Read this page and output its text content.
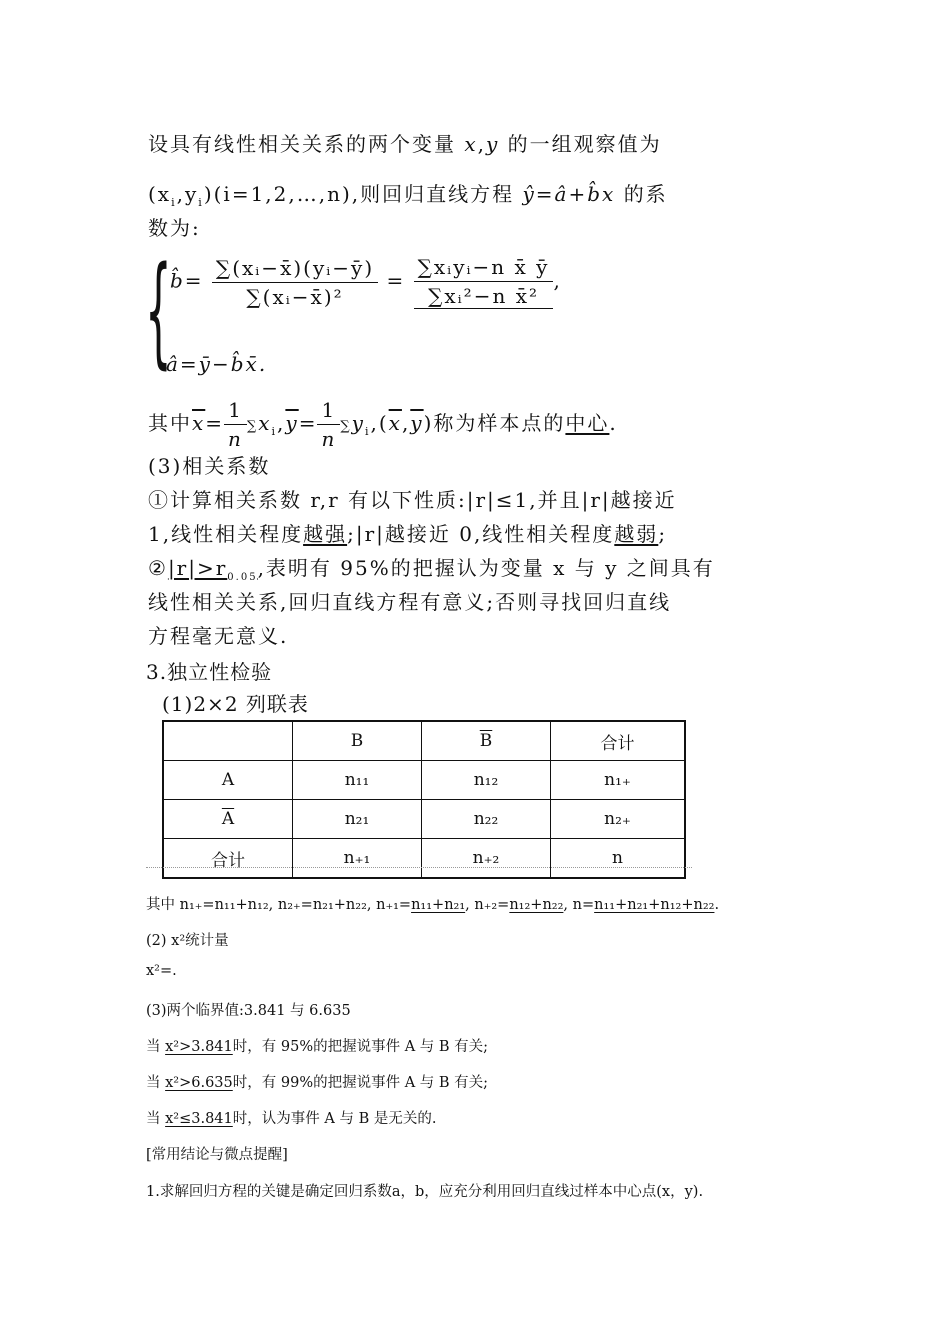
设具有线性相关关系的两个变量 x,y 的一组观察值为
$(x_i,y_i)(i=1,2,\dots,n)$,则回归直线方程 ŷ=â+b̂x 的系
数为:
{
b̂= $\frac{\text{∑(xᵢ−x̄)(yᵢ−ȳ)}}{\text{∑(xᵢ−x̄)²}} = \frac{\text{∑xᵢyᵢ−n x̄ ȳ}}{\text{∑xᵢ²−n x̄²}}$ ,
â=ȳ−b̂x̄.
其中$\overline{x}= \frac{1}{n} \sum x_i,\overline{y}= \frac{1}{n} \sum y_i,(\overline{x},\overline{y})$称为样本点的中心.
(3)相关系数
①计算相关系数 r,r 有以下性质:|r|≤1,并且|r|越接近
1,线性相关程度越强;|r|越接近 0,线性相关程度越弱;
$②|r|>r_{0.05}$,表明有 95%的把握认为变量 x 与 y 之间具有
线性相关关系,回归直线方程有意义;否则寻找回归直线
方程毫无意义.
3.独立性检验
(1)2×2 列联表
	B	$\overline{B}$	合计
A	n₁₁	n₁₂	n₁₊
$\overline{A}$	n₂₁	n₂₂	n₂₊
合计	n₊₁	n₊₂	n
其中 n₁₊=n₁₁+n₁₂, n₂₊=n₂₁+n₂₂, n₊₁=n₁₁+n₂₁, n₊₂=n₁₂+n₂₂, n=n₁₁+n₂₁+n₁₂+n₂₂.
(2) x²统计量
x²=.
(3)两个临界值:3.841 与 6.635
当 x²>3.841时，有 95%的把握说事件 A 与 B 有关;
当 x²>6.635时，有 99%的把握说事件 A 与 B 有关;
当 x²≤3.841时，认为事件 A 与 B 是无关的.
[常用结论与微点提醒]
1.求解回归方程的关键是确定回归系数a，b，应充分利用回归直线过样本中心点(x，y).
